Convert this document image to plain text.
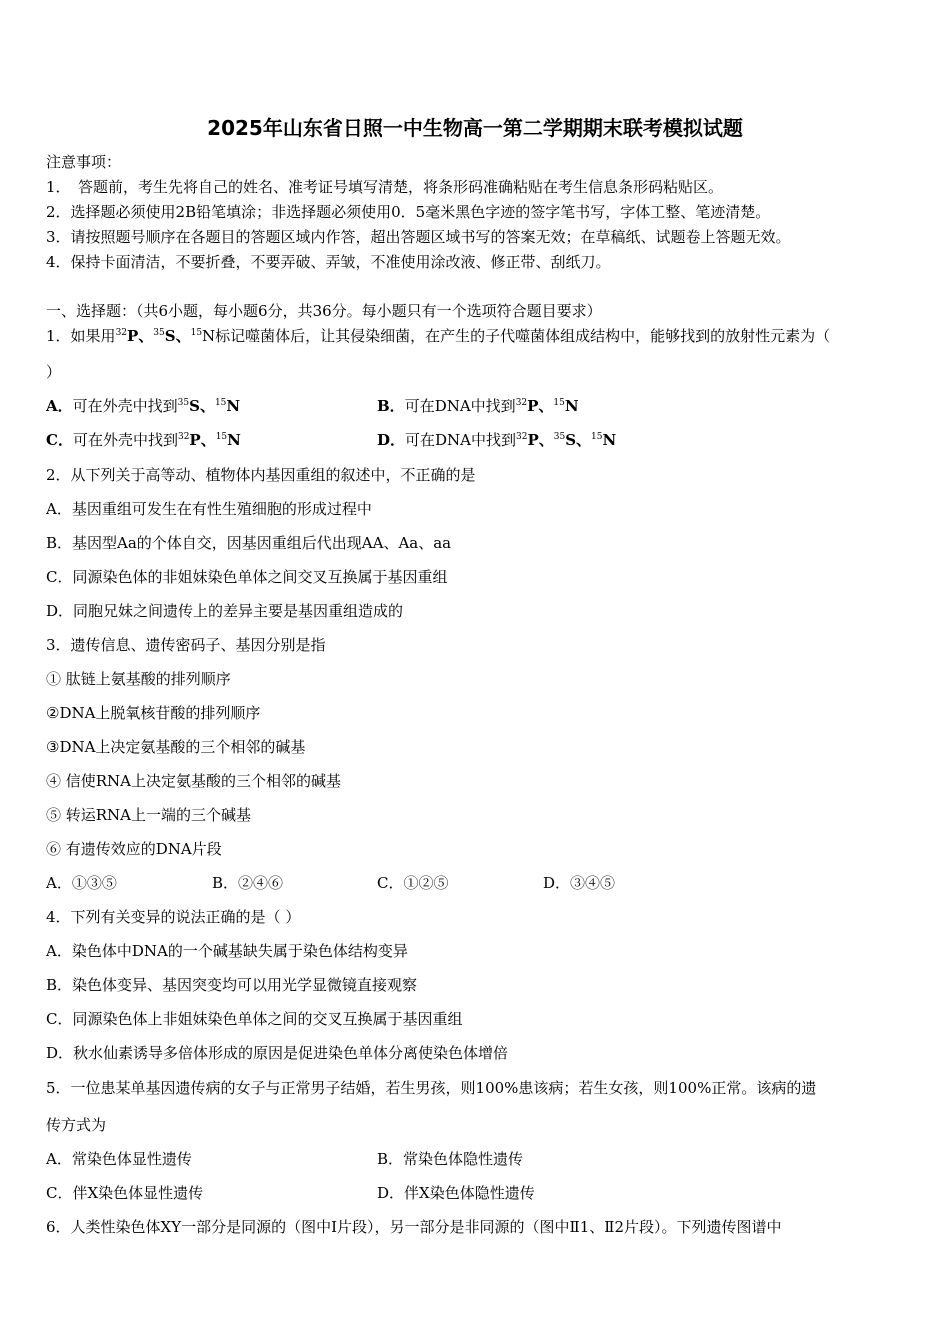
2025年山东省日照一中生物高一第二学期期末联考模拟试题
注意事项：
1．　答题前，考生先将自己的姓名、准考证号填写清楚，将条形码准确粘贴在考生信息条形码粘贴区。
2．选择题必须使用2B铅笔填涂；非选择题必须使用0．5毫米黑色字迹的签字笔书写，字体工整、笔迹清楚。
3．请按照题号顺序在各题目的答题区域内作答，超出答题区域书写的答案无效；在草稿纸、试题卷上答题无效。
4．保持卡面清洁，不要折叠，不要弄破、弄皱，不准使用涂改液、修正带、刮纸刀。
一、选择题：（共6小题，每小题6分，共36分。每小题只有一个选项符合题目要求）
1．如果用$^{32}$P、$^{35}$S、$^{15}$N标记噬菌体后，让其侵染细菌，在产生的子代噬菌体组成结构中，能够找到的放射性元素为（
）
A．可在外壳中找到$^{35}$S、$^{15}$N	B．可在DNA中找到$^{32}$P、$^{15}$N
C．可在外壳中找到$^{32}$P、$^{15}$N	D．可在DNA中找到$^{32}$P、$^{35}$S、$^{15}$N
2．从下列关于高等动、植物体内基因重组的叙述中，不正确的是
A．基因重组可发生在有性生殖细胞的形成过程中
B．基因型Aa的个体自交，因基因重组后代出现AA、Aa、aa
C．同源染色体的非姐妹染色单体之间交叉互换属于基因重组
D．同胞兄妹之间遗传上的差异主要是基因重组造成的
3．遗传信息、遗传密码子、基因分别是指
① 肽链上氨基酸的排列顺序
②DNA上脱氧核苷酸的排列顺序
③DNA上决定氨基酸的三个相邻的碱基
④ 信使RNA上决定氨基酸的三个相邻的碱基
⑤ 转运RNA上一端的三个碱基
⑥ 有遗传效应的DNA片段
A．①③⑤	B．②④⑥	C．①②⑤	D．③④⑤
4．下列有关变异的说法正确的是（ ）
A．染色体中DNA的一个碱基缺失属于染色体结构变异
B．染色体变异、基因突变均可以用光学显微镜直接观察
C．同源染色体上非姐妹染色单体之间的交叉互换属于基因重组
D．秋水仙素诱导多倍体形成的原因是促进染色单体分离使染色体增倍
5．一位患某单基因遗传病的女子与正常男子结婚，若生男孩，则100%患该病；若生女孩，则100%正常。该病的遗
传方式为
A．常染色体显性遗传	B．常染色体隐性遗传
C．伴X染色体显性遗传	D．伴X染色体隐性遗传
6．人类性染色体XY一部分是同源的（图中Ⅰ片段），另一部分是非同源的（图中Ⅱ1、Ⅱ2片段）。下列遗传图谱中
